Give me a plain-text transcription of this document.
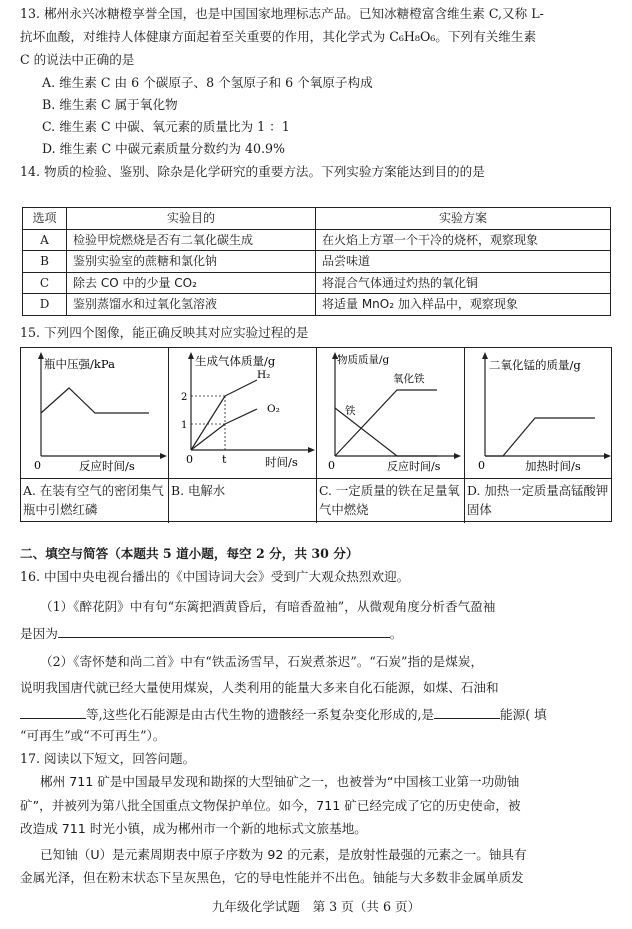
13. 郴州永兴冰糖橙享誉全国，也是中国国家地理标志产品。已知冰糖橙富含维生素 C,又称 L-
抗坏血酸，对维持人体健康方面起着至关重要的作用，其化学式为 C₆H₈O₆。下列有关维生素
C 的说法中正确的是
A. 维生素 C 由 6 个碳原子、8 个氢原子和 6 个氧原子构成
B. 维生素 C 属于氧化物
C. 维生素 C 中碳、氧元素的质量比为 1 ：1
D. 维生素 C 中碳元素质量分数约为 40.9%
14. 物质的检验、鉴别、除杂是化学研究的重要方法。下列实验方案能达到目的的是
选项	实验目的	实验方案
A	检验甲烷燃烧是否有二氧化碳生成	在火焰上方罩一个干冷的烧杯，观察现象
B	鉴别实验室的蔗糖和氯化钠	品尝味道
C	除去 CO 中的少量 CO₂	将混合气体通过灼热的氧化铜
D	鉴别蒸馏水和过氧化氢溶液	将适量 MnO₂ 加入样品中，观察现象
15. 下列四个图像，能正确反映其对应实验过程的是
瓶中压强/kPa
0	反应时间/s
A. 在装有空气的密闭集气瓶中引燃红磷
生成气体质量/g
2
1
H₂
O₂
0	t	时间/s
B. 电解水
物质质量/g
铁
氧化铁
0	反应时间/s
C. 一定质量的铁在足量氧气中燃烧
二氧化锰的质量/g
0	加热时间/s
D. 加热一定质量高锰酸钾固体
二、填空与简答（本题共 5 道小题，每空 2 分，共 30 分）
16. 中国中央电视台播出的《中国诗词大会》受到广大观众热烈欢迎。
（1）《醉花阴》中有句“东篱把酒黄昏后，有暗香盈袖”，从微观角度分析香气盈袖
是因为	。
（2）《寄怀楚和尚二首》中有“铁盂汤雪早，石炭煮茶迟”。“石炭”指的是煤炭，
说明我国唐代就已经大量使用煤炭，人类利用的能量大多来自化石能源，如煤、石油和
等,这些化石能源是由古代生物的遗骸经一系复杂变化形成的,是	能源( 填
“可再生”或“不可再生”）。
17. 阅读以下短文，回答问题。
郴州 711 矿是中国最早发现和勘探的大型铀矿之一，也被誉为“中国核工业第一功勋铀
矿”，并被列为第八批全国重点文物保护单位。如今，711 矿已经完成了它的历史使命，被
改造成 711 时光小镇，成为郴州市一个新的地标式文旅基地。
已知铀（U）是元素周期表中原子序数为 92 的元素，是放射性最强的元素之一。铀具有
金属光泽，但在粉末状态下呈灰黑色，它的导电性能并不出色。铀能与大多数非金属单质发
九年级化学试题　第 3 页（共 6 页）
